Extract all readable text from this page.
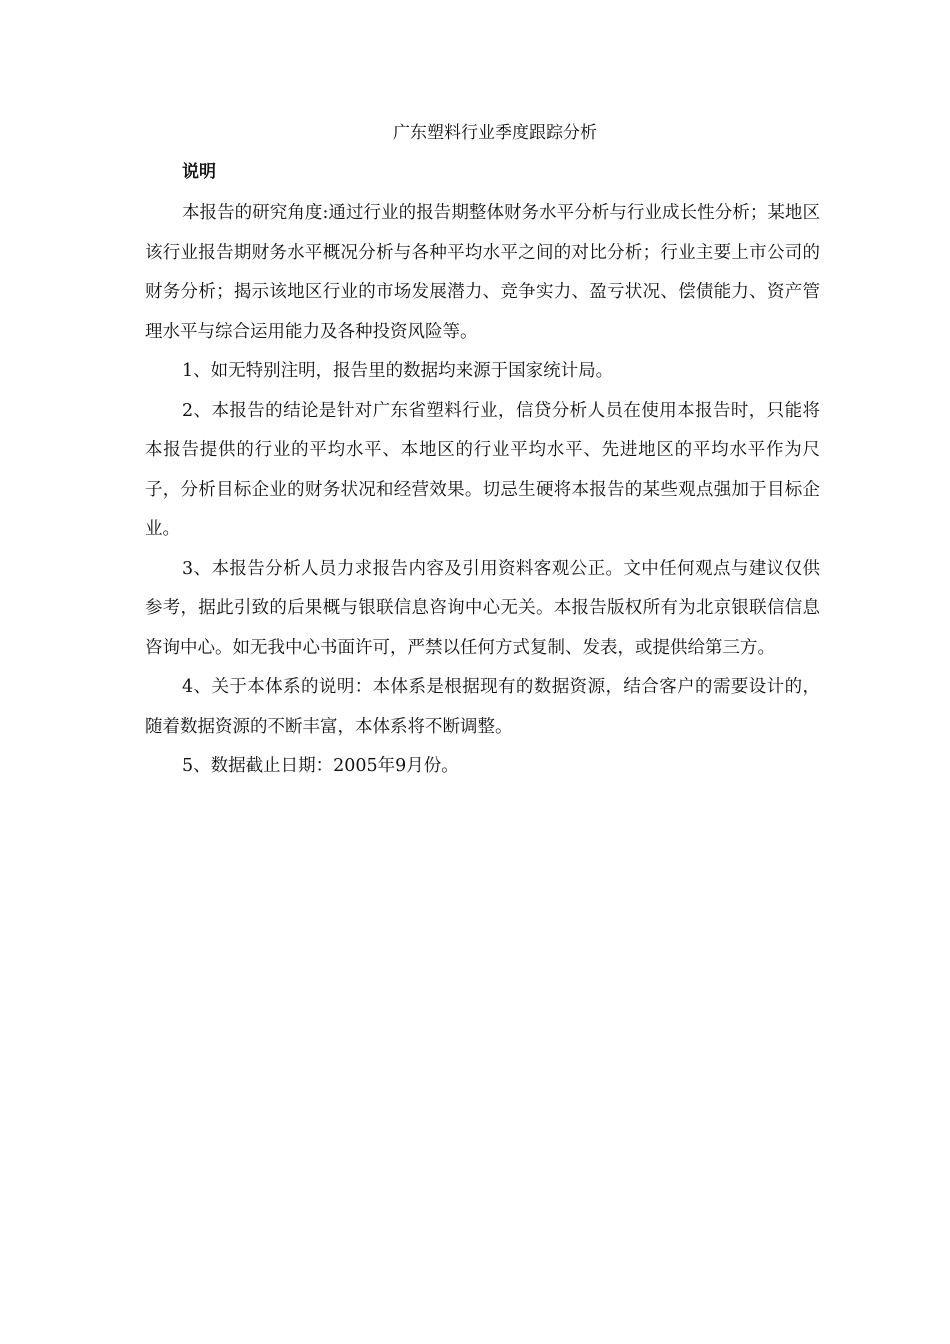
广东塑料行业季度跟踪分析
说明

本报告的研究角度:通过行业的报告期整体财务水平分析与行业成长性分析；某地区该行业报告期财务水平概况分析与各种平均水平之间的对比分析；行业主要上市公司的财务分析；揭示该地区行业的市场发展潜力、竞争实力、盈亏状况、偿债能力、资产管理水平与综合运用能力及各种投资风险等。

1、如无特别注明，报告里的数据均来源于国家统计局。

2、本报告的结论是针对广东省塑料行业，信贷分析人员在使用本报告时，只能将本报告提供的行业的平均水平、本地区的行业平均水平、先进地区的平均水平作为尺子，分析目标企业的财务状况和经营效果。切忌生硬将本报告的某些观点强加于目标企业。

3、本报告分析人员力求报告内容及引用资料客观公正。文中任何观点与建议仅供参考，据此引致的后果概与银联信息咨询中心无关。本报告版权所有为北京银联信信息咨询中心。如无我中心书面许可，严禁以任何方式复制、发表，或提供给第三方。

4、关于本体系的说明：本体系是根据现有的数据资源，结合客户的需要设计的，随着数据资源的不断丰富，本体系将不断调整。

5、数据截止日期：2005年9月份。
